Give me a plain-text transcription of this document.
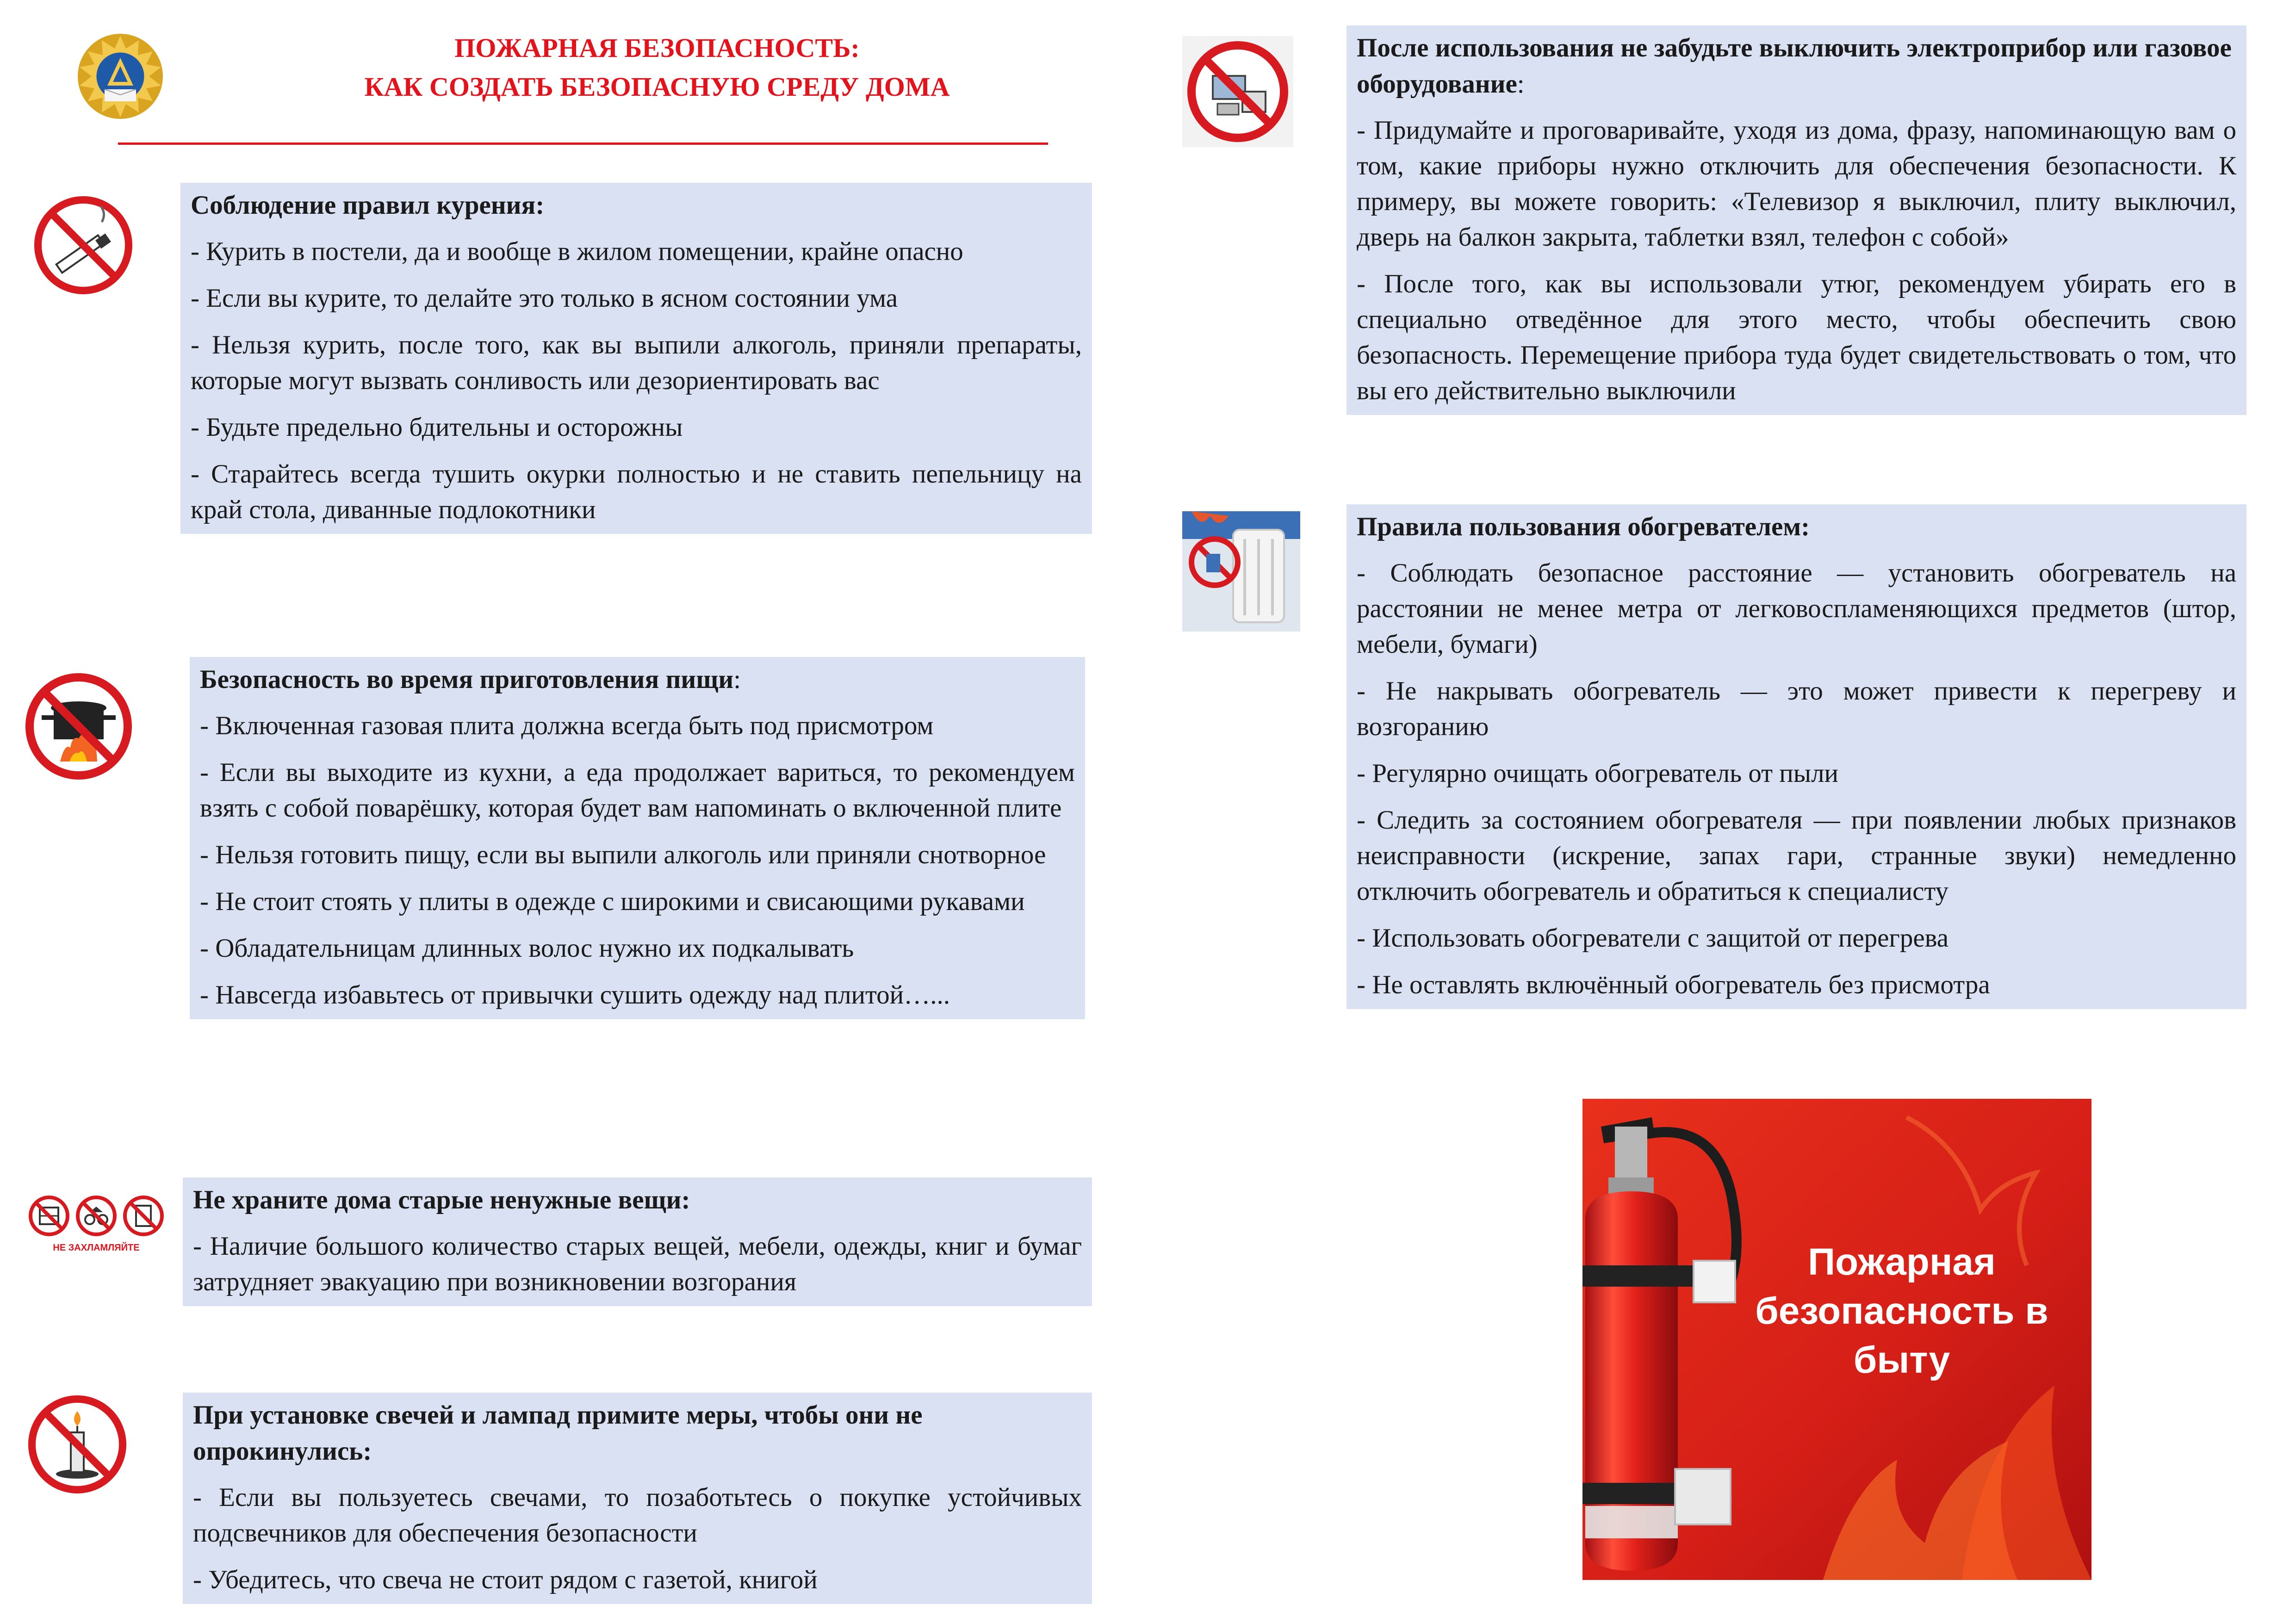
ПОЖАРНАЯ БЕЗОПАСНОСТЬ:
КАК СОЗДАТЬ БЕЗОПАСНУЮ СРЕДУ ДОМА
Соблюдение правил курения:

- Курить в постели, да и вообще в жилом помещении, крайне опасно

- Если вы курите, то делайте это только в ясном состоянии ума

- Нельзя курить, после того, как вы выпили алкоголь, приняли препараты, которые могут вызвать сонливость или дезориентировать вас

- Будьте предельно бдительны и осторожны

- Старайтесь всегда тушить окурки полностью и не ставить пепельницу на край стола, диванные подлокотники

Безопасность во время приготовления пищи:

- Включенная газовая плита должна всегда быть под присмотром

- Если вы выходите из кухни, а еда продолжает вариться, то рекомендуем взять с собой поварёшку, которая будет вам напоминать о включенной плите

- Нельзя готовить пищу, если вы выпили алкоголь или приняли снотворное

- Не стоит стоять у плиты в одежде с широкими и свисающими рукавами

- Обладательницам длинных волос нужно их подкалывать

- Навсегда избавьтесь от привычки сушить одежду над плитой…...

НЕ ЗАХЛАМЛЯЙТЕ
Не храните дома старые ненужные вещи:

- Наличие большого количество старых вещей, мебели, одежды, книг и бумаг затрудняет эвакуацию при возникновении возгорания

При установке свечей и лампад примите меры, чтобы они не опрокинулись:

- Если вы пользуетесь свечами, то позаботьтесь о покупке устойчивых подсвечников для обеспечения безопасности

- Убедитесь, что свеча не стоит рядом с газетой, книгой

После использования не забудьте выключить электроприбор или газовое оборудование:

- Придумайте и проговаривайте, уходя из дома, фразу, напоминающую вам о том, какие приборы нужно отключить для обеспечения безопасности. К примеру, вы можете говорить: «Телевизор я выключил, плиту выключил, дверь на балкон закрыта, таблетки взял, телефон с собой»

- После того, как вы использовали утюг, рекомендуем убирать его в специально отведённое для этого место, чтобы обеспечить свою безопасность. Перемещение прибора туда будет свидетельствовать о том, что вы его действительно выключили

Правила пользования обогревателем:

- Соблюдать безопасное расстояние — установить обогреватель на расстоянии не менее метра от легковоспламеняющихся предметов (штор, мебели, бумаги)

- Не накрывать обогреватель — это может привести к перегреву и возгоранию

- Регулярно очищать обогреватель от пыли

- Следить за состоянием обогревателя — при появлении любых признаков неисправности (искрение, запах гари, странные звуки) немедленно отключить обогреватель и обратиться к специалисту

- Использовать обогреватели с защитой от перегрева

- Не оставлять включённый обогреватель без присмотра

Пожарная
безопасность в
быту
